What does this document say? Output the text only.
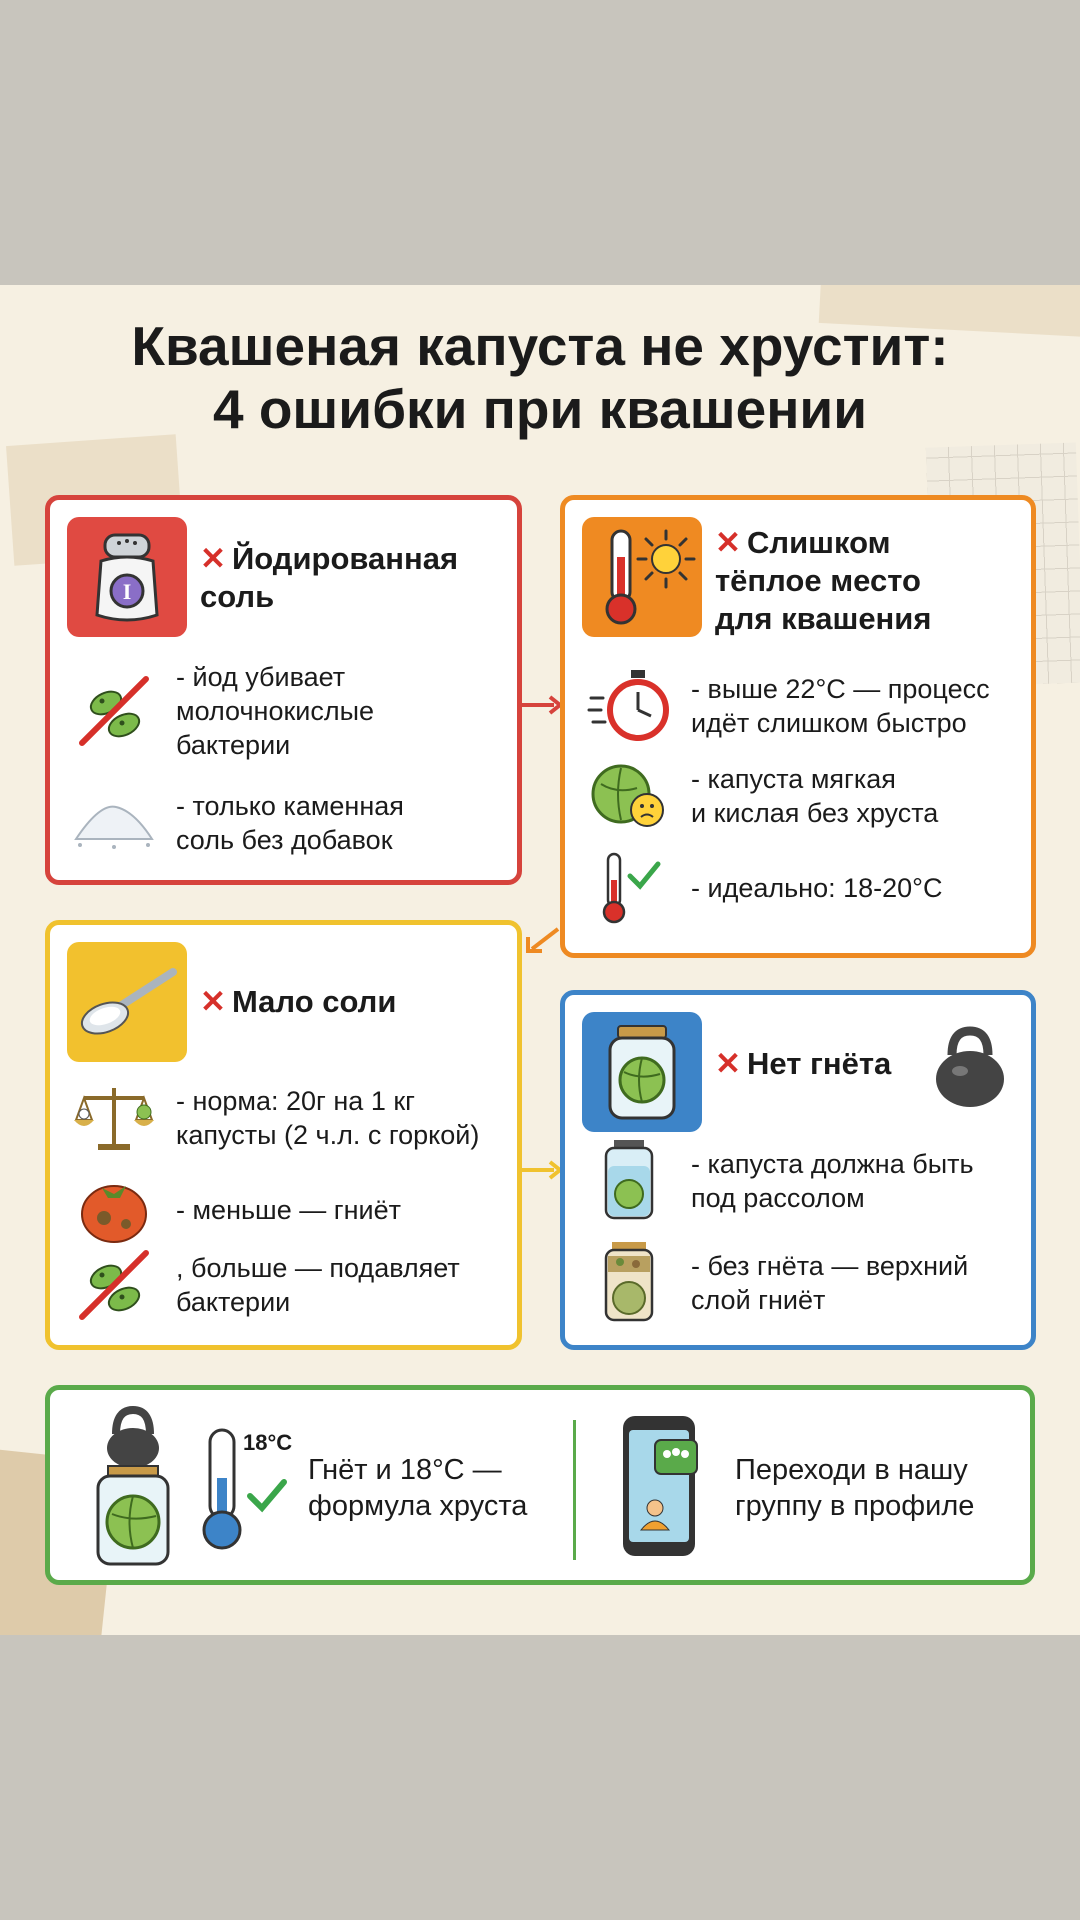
Квашеная капуста не хрустит:
4 ошибки при квашении
I
✕ Йодированная
соль
- йод убивает
молочнокислые
бактерии
- только каменная
соль без добавок
✕ Слишком
тёплое место
для квашения
- выше 22°C — процесс
идёт слишком быстро
- капуста мягкая
и кислая без хруста
- идеально: 18-20°C
✕ Мало соли
- норма: 20г на 1 кг
капусты (2 ч.л. с горкой)
- меньше — гниёт
, больше — подавляет
бактерии
✕ Нет гнёта
- капуста должна быть
под рассолом
- без гнёта — верхний
слой гниёт
18°C
Гнёт и 18°C —
формула хруста
Переходи в нашу
группу в профиле
